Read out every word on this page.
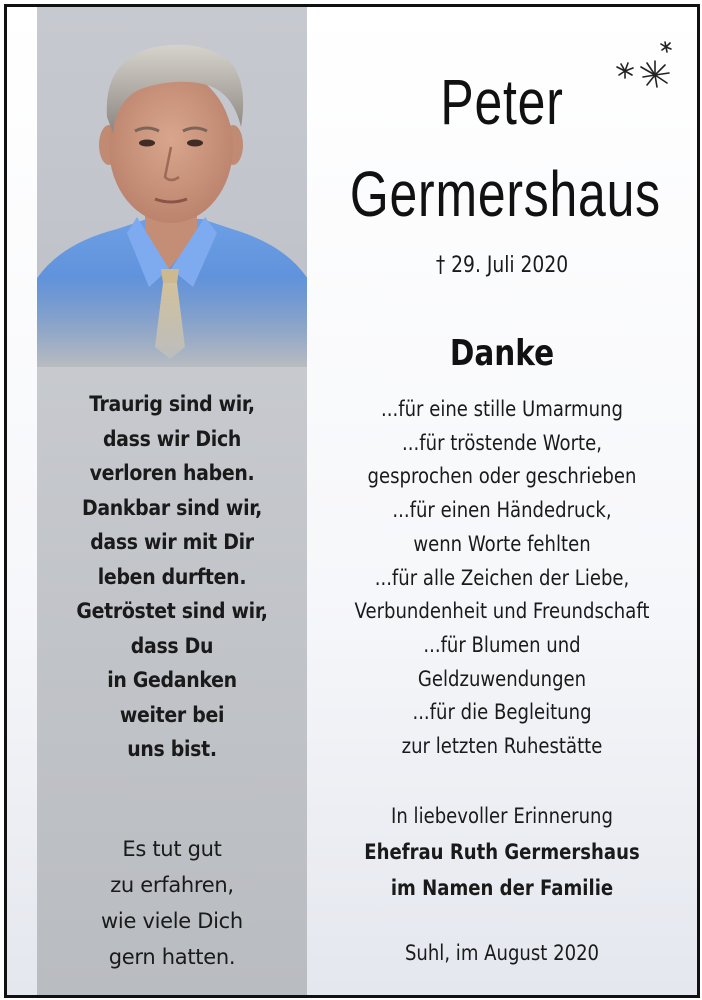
Traurig sind wir,
dass wir Dich
verloren haben.
Dankbar sind wir,
dass wir mit Dir
leben durften.
Getröstet sind wir,
dass Du
in Gedanken
weiter bei
uns bist.
Es tut gut
zu erfahren,
wie viele Dich
gern hatten.
Peter
Germershaus
† 29. Juli 2020
Danke
...für eine stille Umarmung
...für tröstende Worte,
gesprochen oder geschrieben
...für einen Händedruck,
wenn Worte fehlten
...für alle Zeichen der Liebe,
Verbundenheit und Freundschaft
...für Blumen und
Geldzuwendungen
...für die Begleitung
zur letzten Ruhestätte
In liebevoller Erinnerung
Ehefrau Ruth Germershaus
im Namen der Familie
Suhl, im August 2020
